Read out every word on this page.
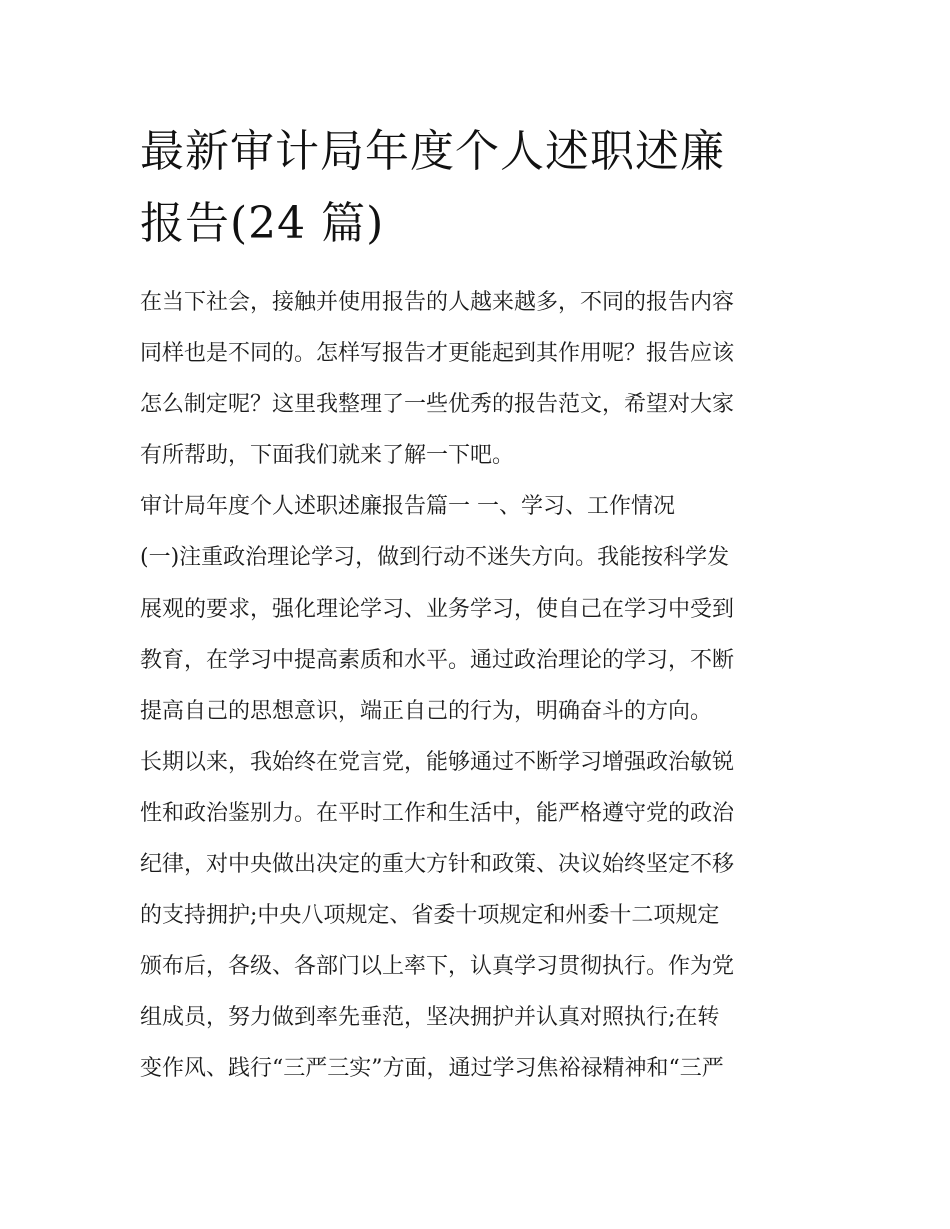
最新审计局年度个人述职述廉
报告(24 篇)
在当下社会，接触并使用报告的人越来越多，不同的报告内容
同样也是不同的。怎样写报告才更能起到其作用呢？报告应该
怎么制定呢？这里我整理了一些优秀的报告范文，希望对大家
有所帮助，下面我们就来了解一下吧。
审计局年度个人述职述廉报告篇一 一、学习、工作情况
(一)注重政治理论学习，做到行动不迷失方向。我能按科学发
展观的要求，强化理论学习、业务学习，使自己在学习中受到
教育，在学习中提高素质和水平。通过政治理论的学习，不断
提高自己的思想意识，端正自己的行为，明确奋斗的方向。
长期以来，我始终在党言党，能够通过不断学习增强政治敏锐
性和政治鉴别力。在平时工作和生活中，能严格遵守党的政治
纪律，对中央做出决定的重大方针和政策、决议始终坚定不移
的支持拥护;中央八项规定、省委十项规定和州委十二项规定
颁布后，各级、各部门以上率下，认真学习贯彻执行。作为党
组成员，努力做到率先垂范，坚决拥护并认真对照执行;在转
变作风、践行“三严三实”方面，通过学习焦裕禄精神和“三严
